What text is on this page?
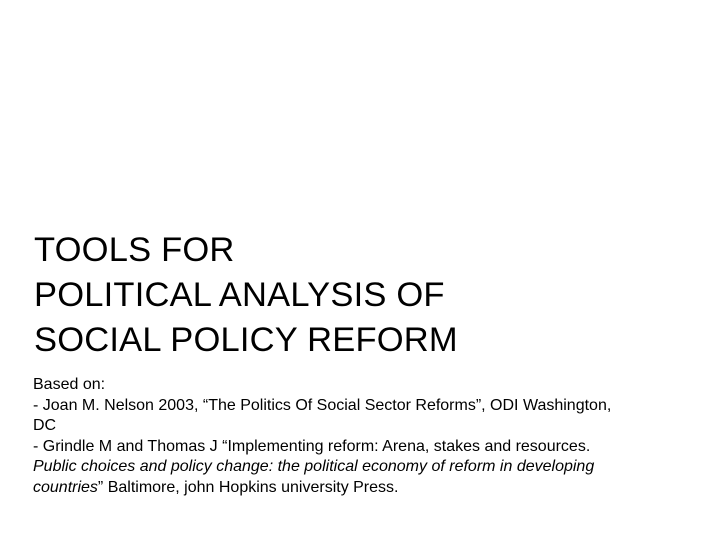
TOOLS FOR
POLITICAL ANALYSIS OF
SOCIAL POLICY REFORM
Based on:
- Joan M. Nelson 2003, “The Politics Of Social Sector Reforms”, ODI Washington,
DC
- Grindle M and Thomas J “Implementing reform: Arena, stakes and resources.
Public choices and policy change: the political economy of reform in developing
countries” Baltimore, john Hopkins university Press.
